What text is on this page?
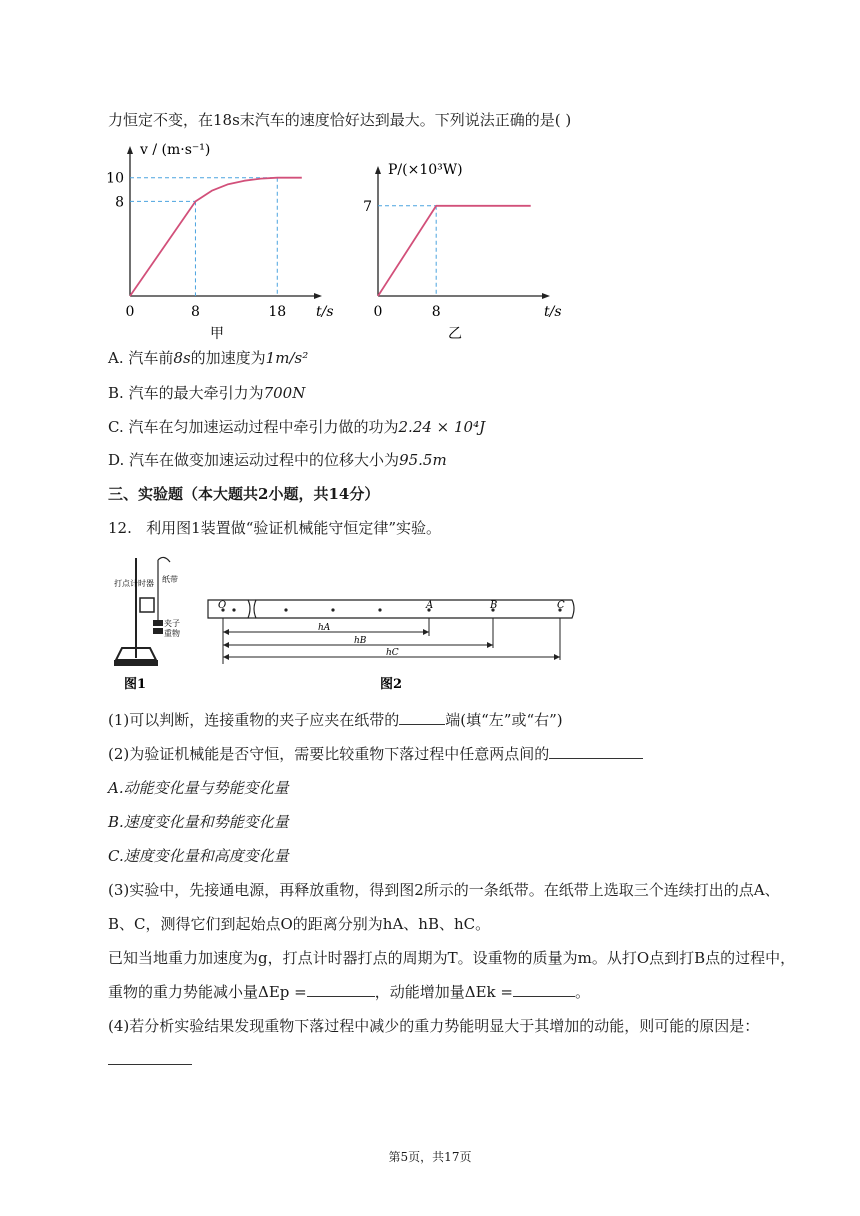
力恒定不变，在18s末汽车的速度恰好达到最大。下列说法正确的是( )
8
10
0	8	18
v / (m·s⁻¹)
t/s
甲
7
0	8
P/(×10³W)
t/s
乙
A. 汽车前8s的加速度为1m/s²
B. 汽车的最大牵引力为700N
C. 汽车在匀加速运动过程中牵引力做的功为2.24 × 10⁴J
D. 汽车在做变加速运动过程中的位移大小为95.5m
三、实验题（本大题共2小题，共14分）
12. 利用图1装置做“验证机械能守恒定律”实验。
打点计时器 纸带
夹子
重物
图1
O	A	B	C
hA
hB
hC
图2
(1)可以判断，连接重物的夹子应夹在纸带的	端(填“左”或“右”)
(2)为验证机械能是否守恒，需要比较重物下落过程中任意两点间的
A.动能变化量与势能变化量
B.速度变化量和势能变化量
C.速度变化量和高度变化量
(3)实验中，先接通电源，再释放重物，得到图2所示的一条纸带。在纸带上选取三个连续打出的点A、
B、C，测得它们到起始点O的距离分别为hA、hB、hC。
已知当地重力加速度为g，打点计时器打点的周期为T。设重物的质量为m。从打O点到打B点的过程中，
重物的重力势能减小量ΔEp =	，动能增加量ΔEk =	。
(4)若分析实验结果发现重物下落过程中减少的重力势能明显大于其增加的动能，则可能的原因是：
第5页，共17页
